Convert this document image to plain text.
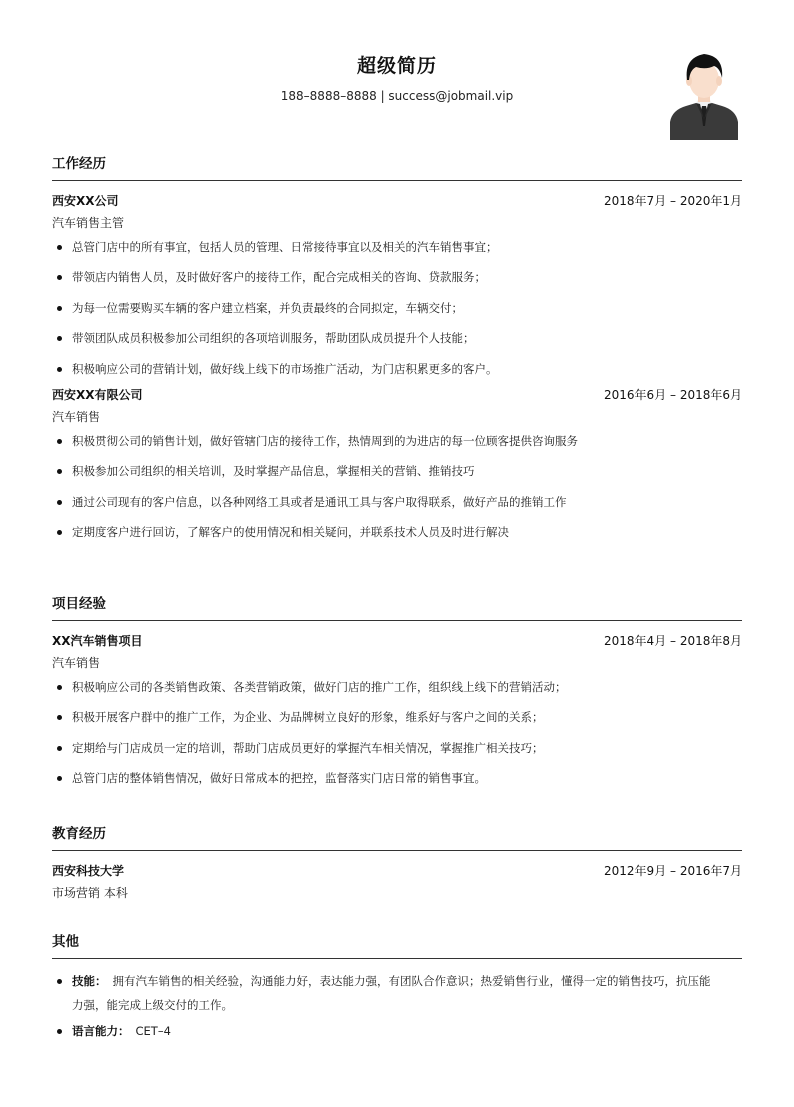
超级简历
188–8888–8888 | success@jobmail.vip
工作经历
西安XX公司	2018年7月 – 2020年1月
汽车销售主管
总管门店中的所有事宜，包括人员的管理、日常接待事宜以及相关的汽车销售事宜；
带领店内销售人员，及时做好客户的接待工作，配合完成相关的咨询、贷款服务；
为每一位需要购买车辆的客户建立档案，并负责最终的合同拟定，车辆交付；
带领团队成员积极参加公司组织的各项培训服务，帮助团队成员提升个人技能；
积极响应公司的营销计划，做好线上线下的市场推广活动，为门店积累更多的客户。
西安XX有限公司	2016年6月 – 2018年6月
汽车销售
积极贯彻公司的销售计划，做好管辖门店的接待工作，热情周到的为进店的每一位顾客提供咨询服务
积极参加公司组织的相关培训，及时掌握产品信息，掌握相关的营销、推销技巧
通过公司现有的客户信息，以各种网络工具或者是通讯工具与客户取得联系，做好产品的推销工作
定期度客户进行回访，了解客户的使用情况和相关疑问，并联系技术人员及时进行解决
项目经验
XX汽车销售项目	2018年4月 – 2018年8月
汽车销售
积极响应公司的各类销售政策、各类营销政策，做好门店的推广工作，组织线上线下的营销活动；
积极开展客户群中的推广工作，为企业、为品牌树立良好的形象，维系好与客户之间的关系；
定期给与门店成员一定的培训，帮助门店成员更好的掌握汽车相关情况，掌握推广相关技巧；
总管门店的整体销售情况，做好日常成本的把控，监督落实门店日常的销售事宜。
教育经历
西安科技大学	2012年9月 – 2016年7月
市场营销 本科
其他
技能： 拥有汽车销售的相关经验，沟通能力好，表达能力强，有团队合作意识；热爱销售行业，懂得一定的销售技巧，抗压能
力强，能完成上级交付的工作。
语言能力： CET–4
